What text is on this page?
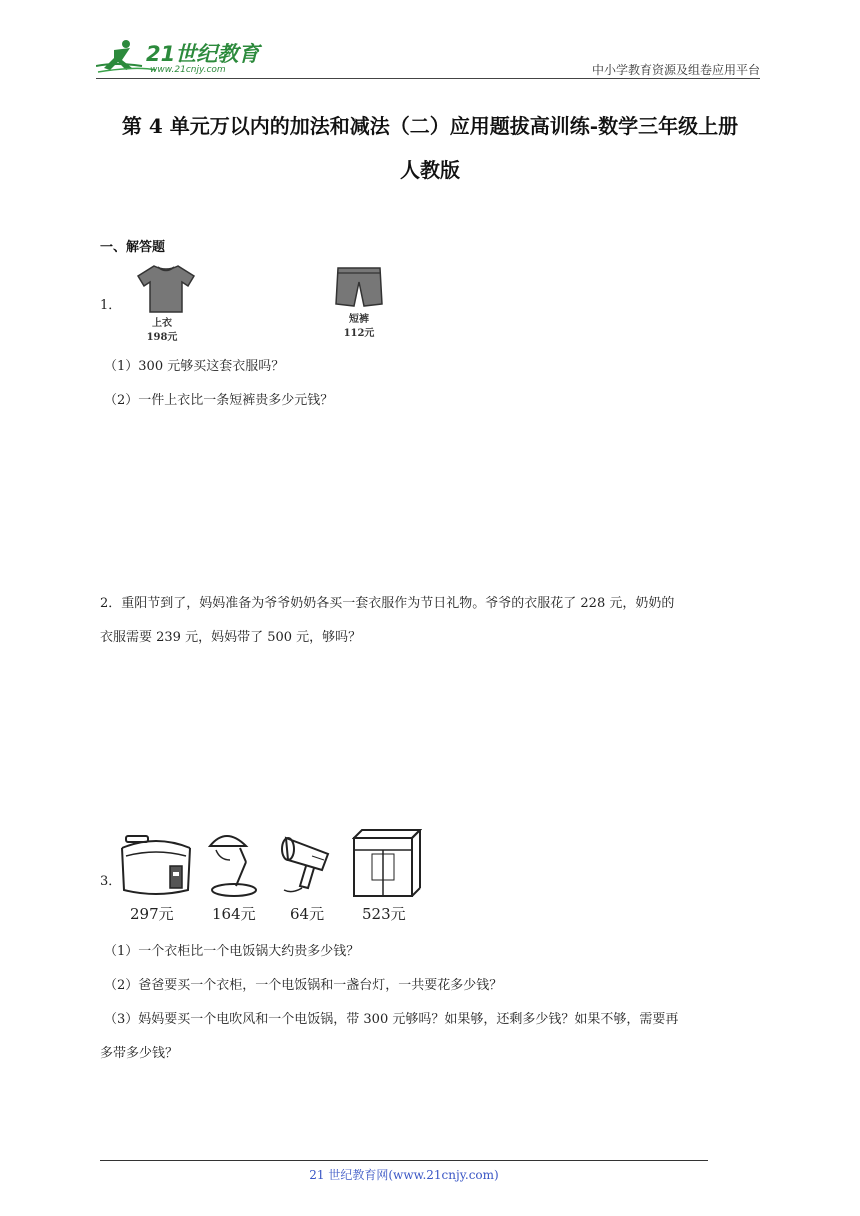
21世纪教育
www.21cnjy.com	中小学教育资源及组卷应用平台
第 4 单元万以内的加法和减法（二）应用题拔高训练-数学三年级上册
人教版
一、解答题
1．
上衣
198元
短裤
112元
（1）300 元够买这套衣服吗？
（2）一件上衣比一条短裤贵多少元钱？
2．重阳节到了，妈妈准备为爷爷奶奶各买一套衣服作为节日礼物。爷爷的衣服花了 228 元，奶奶的
衣服需要 239 元，妈妈带了 500 元，够吗？
3．
297元	164元 64元	523元
（1）一个衣柜比一个电饭锅大约贵多少钱？
（2）爸爸要买一个衣柜，一个电饭锅和一盏台灯，一共要花多少钱？
（3）妈妈要买一个电吹风和一个电饭锅，带 300 元够吗？如果够，还剩多少钱？如果不够，需要再
多带多少钱？
21 世纪教育网(www.21cnjy.com)
